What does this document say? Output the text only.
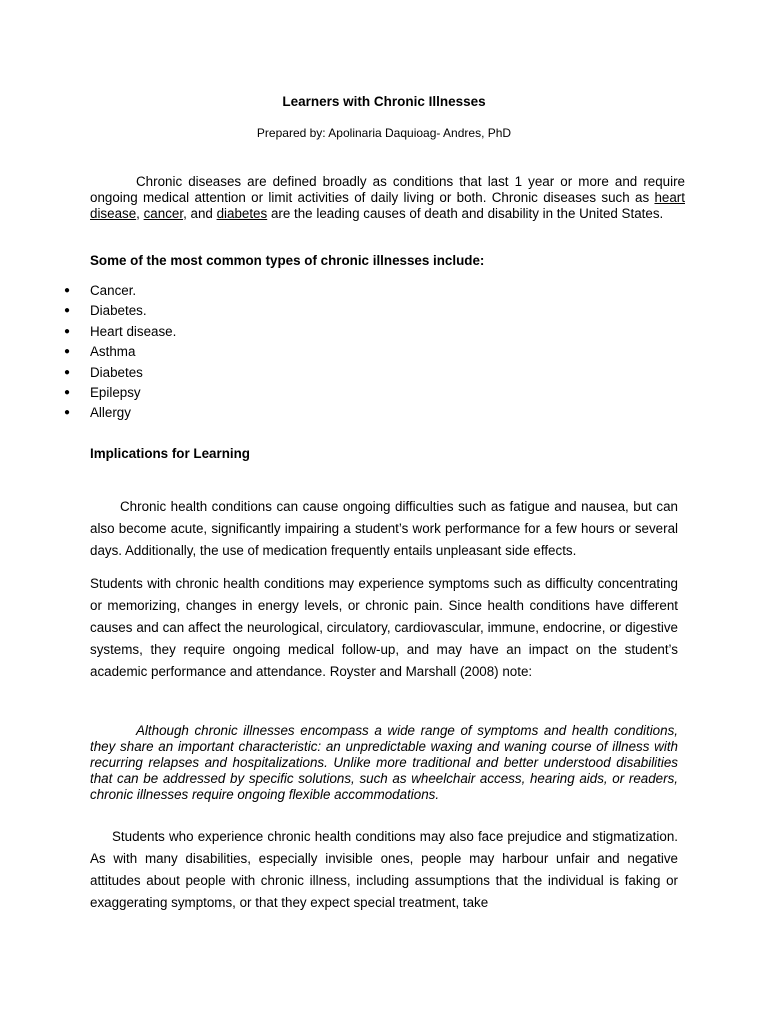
Learners with Chronic Illnesses
Prepared by: Apolinaria Daquioag- Andres, PhD

Chronic diseases are defined broadly as conditions that last 1 year or more and require ongoing medical attention or limit activities of daily living or both. Chronic diseases such as heart disease, cancer, and diabetes are the leading causes of death and disability in the United States.

Some of the most common types of chronic illnesses include:

● Cancer.
● Diabetes.
● Heart disease.
● Asthma
● Diabetes
● Epilepsy
● Allergy

Implications for Learning

Chronic health conditions can cause ongoing difficulties such as fatigue and nausea, but can also become acute, significantly impairing a student’s work performance for a few hours or several days. Additionally, the use of medication frequently entails unpleasant side effects.

Students with chronic health conditions may experience symptoms such as difficulty concentrating or memorizing, changes in energy levels, or chronic pain. Since health conditions have different causes and can affect the neurological, circulatory, cardiovascular, immune, endocrine, or digestive systems, they require ongoing medical follow-up, and may have an impact on the student’s academic performance and attendance. Royster and Marshall (2008) note:

Although chronic illnesses encompass a wide range of symptoms and health conditions, they share an important characteristic: an unpredictable waxing and waning course of illness with recurring relapses and hospitalizations. Unlike more traditional and better understood disabilities that can be addressed by specific solutions, such as wheelchair access, hearing aids, or readers, chronic illnesses require ongoing flexible accommodations.

Students who experience chronic health conditions may also face prejudice and stigmatization. As with many disabilities, especially invisible ones, people may harbour unfair and negative attitudes about people with chronic illness, including assumptions that the individual is faking or exaggerating symptoms, or that they expect special treatment, take
